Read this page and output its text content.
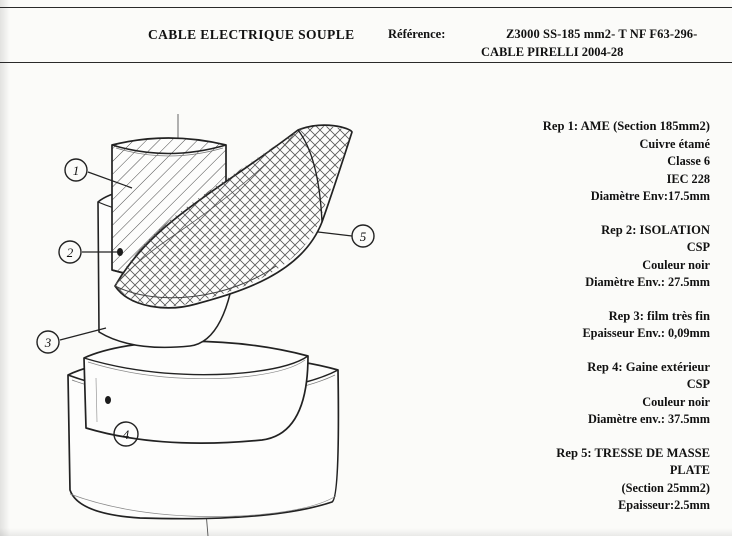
CABLE ELECTRIQUE SOUPLE	Référence:	Z3000 SS-185 mm2- T NF F63-296-
CABLE PIRELLI 2004-28
Rep 1: AME (Section 185mm2)
Cuivre étamé
Classe 6
IEC 228
Diamètre Env:17.5mm
Rep 2: ISOLATION
CSP
Couleur noir
Diamètre Env.: 27.5mm
Rep 3: film très fin
Epaisseur Env.: 0,09mm
Rep 4: Gaine extérieur
CSP
Couleur noir
Diamètre env.: 37.5mm
Rep 5: TRESSE DE MASSE
PLATE
(Section 25mm2)
Epaisseur:2.5mm
1
2
3
4
5
